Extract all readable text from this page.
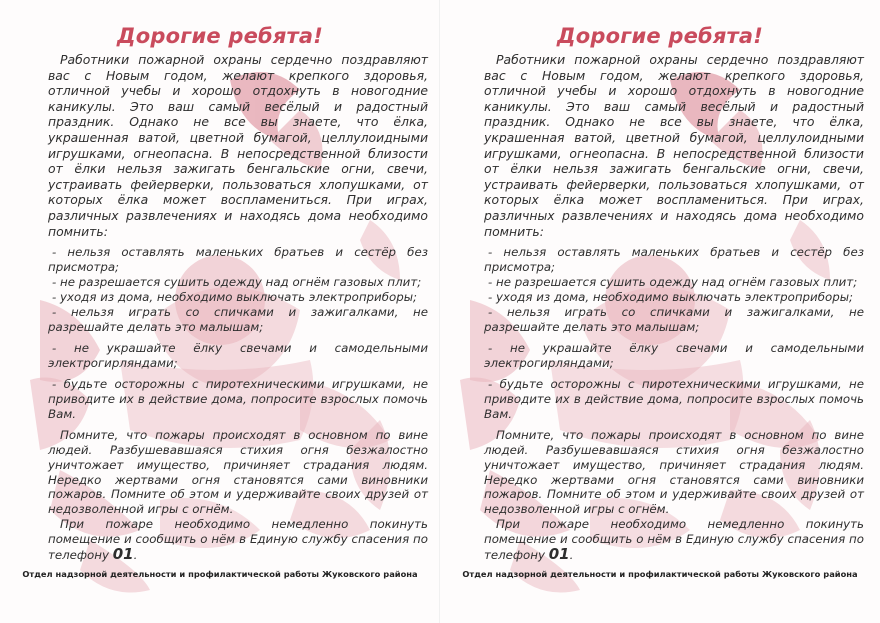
Дорогие ребята!

Работники пожарной охраны сердечно поздравляют вас с Новым годом, желают крепкого здоровья, отличной учебы и хорошо отдохнуть в новогодние каникулы. Это ваш самый весёлый и радостный праздник. Однако не все вы знаете, что ёлка, украшенная ватой, цветной бумагой, целлулоидными игрушками, огнеопасна. В непосредственной близости от ёлки нельзя зажигать бенгальские огни, свечи, устраивать фейерверки, пользоваться хлопушками, от которых ёлка может воспламениться. При играх, различных развлечениях и находясь дома необходимо помнить:

- нельзя оставлять маленьких братьев и сестёр без присмотра;

- не разрешается сушить одежду над огнём газовых плит;

- уходя из дома, необходимо выключать электроприборы;

- нельзя играть со спичками и зажигалками, не разрешайте делать это малышам;

- не украшайте ёлку свечами и самодельными электрогирляндами;

- будьте осторожны с пиротехническими игрушками, не приводите их в действие дома, попросите взрослых помочь Вам.

Помните, что пожары происходят в основном по вине людей. Разбушевавшаяся стихия огня безжалостно уничтожает имущество, причиняет страдания людям. Нередко жертвами огня становятся сами виновники пожаров. Помните об этом и удерживайте своих друзей от недозволенной игры с огнём.

При пожаре необходимо немедленно покинуть помещение и сообщить о нём в Единую службу спасения по телефону 01.

Отдел надзорной деятельности и профилактической работы Жуковского района
Дорогие ребята!

Работники пожарной охраны сердечно поздравляют вас с Новым годом, желают крепкого здоровья, отличной учебы и хорошо отдохнуть в новогодние каникулы. Это ваш самый весёлый и радостный праздник. Однако не все вы знаете, что ёлка, украшенная ватой, цветной бумагой, целлулоидными игрушками, огнеопасна. В непосредственной близости от ёлки нельзя зажигать бенгальские огни, свечи, устраивать фейерверки, пользоваться хлопушками, от которых ёлка может воспламениться. При играх, различных развлечениях и находясь дома необходимо помнить:

- нельзя оставлять маленьких братьев и сестёр без присмотра;

- не разрешается сушить одежду над огнём газовых плит;

- уходя из дома, необходимо выключать электроприборы;

- нельзя играть со спичками и зажигалками, не разрешайте делать это малышам;

- не украшайте ёлку свечами и самодельными электрогирляндами;

- будьте осторожны с пиротехническими игрушками, не приводите их в действие дома, попросите взрослых помочь Вам.

Помните, что пожары происходят в основном по вине людей. Разбушевавшаяся стихия огня безжалостно уничтожает имущество, причиняет страдания людям. Нередко жертвами огня становятся сами виновники пожаров. Помните об этом и удерживайте своих друзей от недозволенной игры с огнём.

При пожаре необходимо немедленно покинуть помещение и сообщить о нём в Единую службу спасения по телефону 01.

Отдел надзорной деятельности и профилактической работы Жуковского района
